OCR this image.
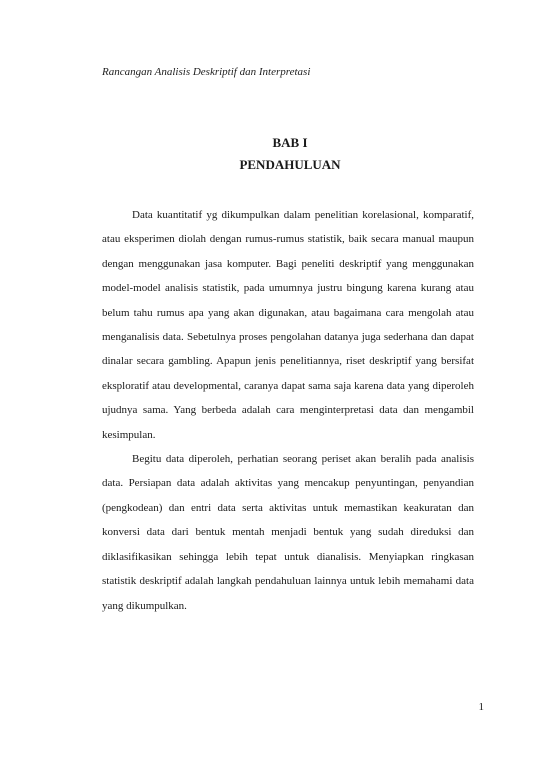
Rancangan Analisis Deskriptif dan Interpretasi
BAB I
PENDAHULUAN

Data kuantitatif yg dikumpulkan dalam penelitian korelasional, komparatif, atau eksperimen diolah dengan rumus-rumus statistik, baik secara manual maupun dengan menggunakan jasa komputer. Bagi peneliti deskriptif yang menggunakan model-model analisis statistik, pada umumnya justru bingung karena kurang atau belum tahu rumus apa yang akan digunakan, atau bagaimana cara mengolah atau menganalisis data. Sebetulnya proses pengolahan datanya juga sederhana dan dapat dinalar secara gambling. Apapun jenis penelitiannya, riset deskriptif yang bersifat eksploratif atau developmental, caranya dapat sama saja karena data yang diperoleh ujudnya sama. Yang berbeda adalah cara menginterpretasi data dan mengambil kesimpulan.

Begitu data diperoleh, perhatian seorang periset akan beralih pada analisis data. Persiapan data adalah aktivitas yang mencakup penyuntingan, penyandian (pengkodean) dan entri data serta aktivitas untuk memastikan keakuratan dan konversi data dari bentuk mentah menjadi bentuk yang sudah direduksi dan diklasifikasikan sehingga lebih tepat untuk dianalisis. Menyiapkan ringkasan statistik deskriptif adalah langkah pendahuluan lainnya untuk lebih memahami data yang dikumpulkan.

1
